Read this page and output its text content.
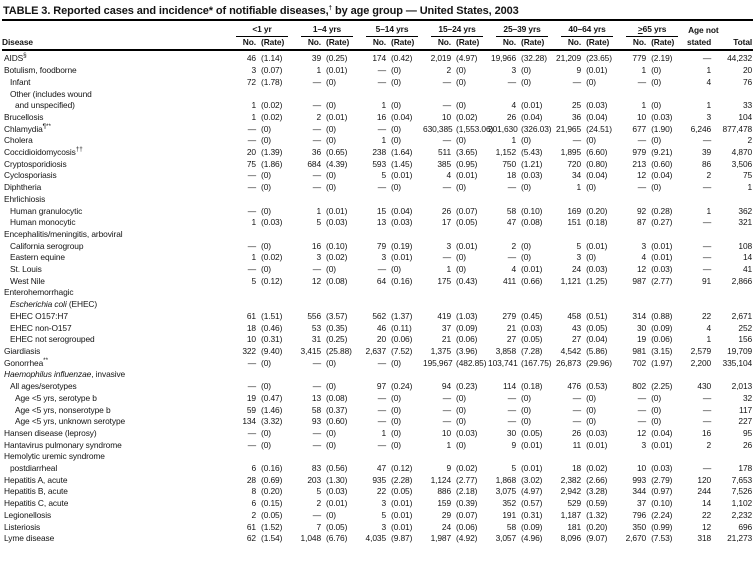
TABLE 3. Reported cases and incidence* of notifiable diseases,† by age group — United States, 2003

	<1 yr		1–4 yrs		5–14 yrs		15–24 yrs		25–39 yrs		40–64 yrs		≥65 yrs		Age not	
Disease	No.	(Rate)	No.	(Rate)	No.	(Rate)	No.	(Rate)	No.	(Rate)	No.	(Rate)	No.	(Rate)	stated	Total
AIDS§	46	(1.14)	39	(0.25)	174	(0.42)	2,019	(4.97)	19,966	(32.28)	21,209	(23.65)	779	(2.19)	—	44,232
Botulism, foodborne	3	(0.07)	1	(0.01)	—	(0)	2	(0)	3	(0)	9	(0.01)	1	(0)	1	20
Infant	72	(1.78)	—	(0)	—	(0)	—	(0)	—	(0)	—	(0)	—	(0)	4	76
Other (includes wound																
and unspecified)	1	(0.02)	—	(0)	1	(0)	—	(0)	4	(0.01)	25	(0.03)	1	(0)	1	33
Brucellosis	1	(0.02)	2	(0.01)	16	(0.04)	10	(0.02)	26	(0.04)	36	(0.04)	10	(0.03)	3	104
Chlamydia¶**	—	(0)	—	(0)	—	(0)	630,385	(1,553.06)	201,630	(326.03)	21,965	(24.51)	677	(1.90)	6,246	877,478
Cholera	—	(0)	—	(0)	1	(0)	—	(0)	1	(0)	—	(0)	—	(0)	—	2
Coccidioidomycosis††	20	(1.39)	36	(0.65)	238	(1.64)	511	(3.65)	1,152	(5.43)	1,895	(6.60)	979	(9.21)	39	4,870
Cryptosporidiosis	75	(1.86)	684	(4.39)	593	(1.45)	385	(0.95)	750	(1.21)	720	(0.80)	213	(0.60)	86	3,506
Cyclosporiasis	—	(0)	—	(0)	5	(0.01)	4	(0.01)	18	(0.03)	34	(0.04)	12	(0.04)	2	75
Diphtheria	—	(0)	—	(0)	—	(0)	—	(0)	—	(0)	1	(0)	—	(0)	—	1
Ehrlichiosis																
Human granulocytic	—	(0)	1	(0.01)	15	(0.04)	26	(0.07)	58	(0.10)	169	(0.20)	92	(0.28)	1	362
Human monocytic	1	(0.03)	5	(0.03)	13	(0.03)	17	(0.05)	47	(0.08)	151	(0.18)	87	(0.27)	—	321
Encephalitis/meningitis, arboviral																
California serogroup	—	(0)	16	(0.10)	79	(0.19)	3	(0.01)	2	(0)	5	(0.01)	3	(0.01)	—	108
Eastern equine	1	(0.02)	3	(0.02)	3	(0.01)	—	(0)	—	(0)	3	(0)	4	(0.01)	—	14
St. Louis	—	(0)	—	(0)	—	(0)	1	(0)	4	(0.01)	24	(0.03)	12	(0.03)	—	41
West Nile	5	(0.12)	12	(0.08)	64	(0.16)	175	(0.43)	411	(0.66)	1,121	(1.25)	987	(2.77)	91	2,866
Enterohemorrhagic																
Escherichia coli (EHEC)																
EHEC O157:H7	61	(1.51)	556	(3.57)	562	(1.37)	419	(1.03)	279	(0.45)	458	(0.51)	314	(0.88)	22	2,671
EHEC non-O157	18	(0.46)	53	(0.35)	46	(0.11)	37	(0.09)	21	(0.03)	43	(0.05)	30	(0.09)	4	252
EHEC not serogrouped	10	(0.31)	31	(0.25)	20	(0.06)	21	(0.06)	27	(0.05)	27	(0.04)	19	(0.06)	1	156
Giardiasis	322	(9.40)	3,415	(25.88)	2,637	(7.52)	1,375	(3.96)	3,858	(7.28)	4,542	(5.86)	981	(3.15)	2,579	19,709
Gonorrhea**	—	(0)	—	(0)	—	(0)	195,967	(482.85)	103,741	(167.75)	26,873	(29.96)	702	(1.97)	2,200	335,104
Haemophilus influenzae, invasive																
All ages/serotypes	—	(0)	—	(0)	97	(0.24)	94	(0.23)	114	(0.18)	476	(0.53)	802	(2.25)	430	2,013
Age <5 yrs, serotype b	19	(0.47)	13	(0.08)	—	(0)	—	(0)	—	(0)	—	(0)	—	(0)	—	32
Age <5 yrs, nonserotype b	59	(1.46)	58	(0.37)	—	(0)	—	(0)	—	(0)	—	(0)	—	(0)	—	117
Age <5 yrs, unknown serotype	134	(3.32)	93	(0.60)	—	(0)	—	(0)	—	(0)	—	(0)	—	(0)	—	227
Hansen disease (leprosy)	—	(0)	—	(0)	1	(0)	10	(0.03)	30	(0.05)	26	(0.03)	12	(0.04)	16	95
Hantavirus pulmonary syndrome	—	(0)	—	(0)	—	(0)	1	(0)	9	(0.01)	11	(0.01)	3	(0.01)	2	26
Hemolytic uremic syndrome																
postdiarrheal	6	(0.16)	83	(0.56)	47	(0.12)	9	(0.02)	5	(0.01)	18	(0.02)	10	(0.03)	—	178
Hepatitis A, acute	28	(0.69)	203	(1.30)	935	(2.28)	1,124	(2.77)	1,868	(3.02)	2,382	(2.66)	993	(2.79)	120	7,653
Hepatitis B, acute	8	(0.20)	5	(0.03)	22	(0.05)	886	(2.18)	3,075	(4.97)	2,942	(3.28)	344	(0.97)	244	7,526
Hepatitis C, acute	6	(0.15)	2	(0.01)	3	(0.01)	159	(0.39)	352	(0.57)	529	(0.59)	37	(0.10)	14	1,102
Legionellosis	2	(0.05)	—	(0)	5	(0.01)	29	(0.07)	191	(0.31)	1,187	(1.32)	796	(2.24)	22	2,232
Listeriosis	61	(1.52)	7	(0.05)	3	(0.01)	24	(0.06)	58	(0.09)	181	(0.20)	350	(0.99)	12	696
Lyme disease	62	(1.54)	1,048	(6.76)	4,035	(9.87)	1,987	(4.92)	3,057	(4.96)	8,096	(9.07)	2,670	(7.53)	318	21,273
